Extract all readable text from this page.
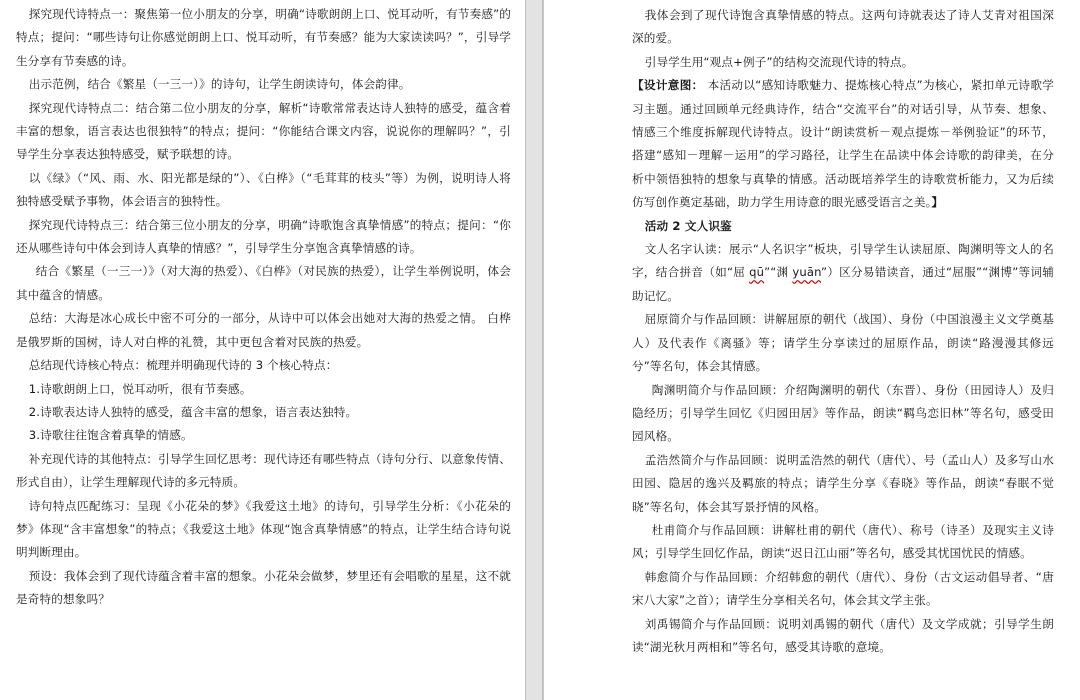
探究现代诗特点一：聚焦第一位小朋友的分享，明确“诗歌朗朗上口、悦耳动听，有节奏感”的特点；提问：“哪些诗句让你感觉朗朗上口、悦耳动听，有节奏感？能为大家读读吗？”，引导学生分享有节奏感的诗。

出示范例，结合《繁星（一三一）》的诗句，让学生朗读诗句，体会韵律。

探究现代诗特点二：结合第二位小朋友的分享，解析“诗歌常常表达诗人独特的感受，蕴含着丰富的想象，语言表达也很独特”的特点；提问：“你能结合课文内容，说说你的理解吗？”，引导学生分享表达独特感受，赋予联想的诗。

以《绿》（“风、雨、水、阳光都是绿的”）、《白桦》（“毛茸茸的枝头”等）为例，说明诗人将独特感受赋予事物，体会语言的独特性。

探究现代诗特点三：结合第三位小朋友的分享，明确“诗歌饱含真挚情感”的特点；提问：“你还从哪些诗句中体会到诗人真挚的情感？”，引导学生分享饱含真挚情感的诗。

结合《繁星（一三一）》（对大海的热爱）、《白桦》（对民族的热爱），让学生举例说明，体会其中蕴含的情感。

总结：大海是冰心成长中密不可分的一部分，从诗中可以体会出她对大海的热爱之情。 白桦是俄罗斯的国树，诗人对白桦的礼赞，其中更包含着对民族的热爱。

总结现代诗核心特点：梳理并明确现代诗的 3 个核心特点：

1.诗歌朗朗上口，悦耳动听，很有节奏感。

2.诗歌表达诗人独特的感受，蕴含丰富的想象，语言表达独特。

3.诗歌往往饱含着真挚的情感。

补充现代诗的其他特点：引导学生回忆思考：现代诗还有哪些特点（诗句分行、以意象传情、形式自由），让学生理解现代诗的多元特质。

诗句特点匹配练习：呈现《小花朵的梦》《我爱这土地》的诗句，引导学生分析：《小花朵的梦》体现“含丰富想象”的特点；《我爱这土地》体现“饱含真挚情感”的特点，让学生结合诗句说明判断理由。

预设：我体会到了现代诗蕴含着丰富的想象。小花朵会做梦，梦里还有会唱歌的星星，这不就是奇特的想象吗？

我体会到了现代诗饱含真挚情感的特点。这两句诗就表达了诗人艾青对祖国深深的爱。

引导学生用“观点+例子”的结构交流现代诗的特点。

【设计意图： 本活动以“感知诗歌魅力、提炼核心特点”为核心，紧扣单元诗歌学习主题。通过回顾单元经典诗作，结合“交流平台”的对话引导，从节奏、想象、情感三个维度拆解现代诗特点。设计“朗读赏析－观点提炼－举例验证”的环节，搭建“感知－理解－运用”的学习路径，让学生在品读中体会诗歌的韵律美，在分析中领悟独特的想象与真挚的情感。活动既培养学生的诗歌赏析能力，又为后续仿写创作奠定基础，助力学生用诗意的眼光感受语言之美。】

活动 2 文人识鉴

文人名字认读：展示“人名识字”板块，引导学生认读屈原、陶渊明等文人的名字，结合拼音（如“屈 qū”“渊 yuān”）区分易错读音，通过“屈服”“渊博”等词辅助记忆。

屈原简介与作品回顾：讲解屈原的朝代（战国）、身份（中国浪漫主义文学奠基人）及代表作《离骚》等；请学生分享读过的屈原作品，朗读“路漫漫其修远兮”等名句，体会其情感。

陶渊明简介与作品回顾：介绍陶渊明的朝代（东晋）、身份（田园诗人）及归隐经历；引导学生回忆《归园田居》等作品，朗读“羁鸟恋旧林”等名句，感受田园风格。

孟浩然简介与作品回顾：说明孟浩然的朝代（唐代）、号（孟山人）及多写山水田园、隐居的逸兴及羁旅的特点；请学生分享《春晓》等作品，朗读“春眠不觉晓”等名句，体会其写景抒情的风格。

杜甫简介与作品回顾：讲解杜甫的朝代（唐代）、称号（诗圣）及现实主义诗风；引导学生回忆作品，朗读“迟日江山丽”等名句，感受其忧国忧民的情感。

韩愈简介与作品回顾：介绍韩愈的朝代（唐代）、身份（古文运动倡导者、“唐宋八大家”之首）；请学生分享相关名句，体会其文学主张。

刘禹锡简介与作品回顾：说明刘禹锡的朝代（唐代）及文学成就；引导学生朗读“湖光秋月两相和”等名句，感受其诗歌的意境。
